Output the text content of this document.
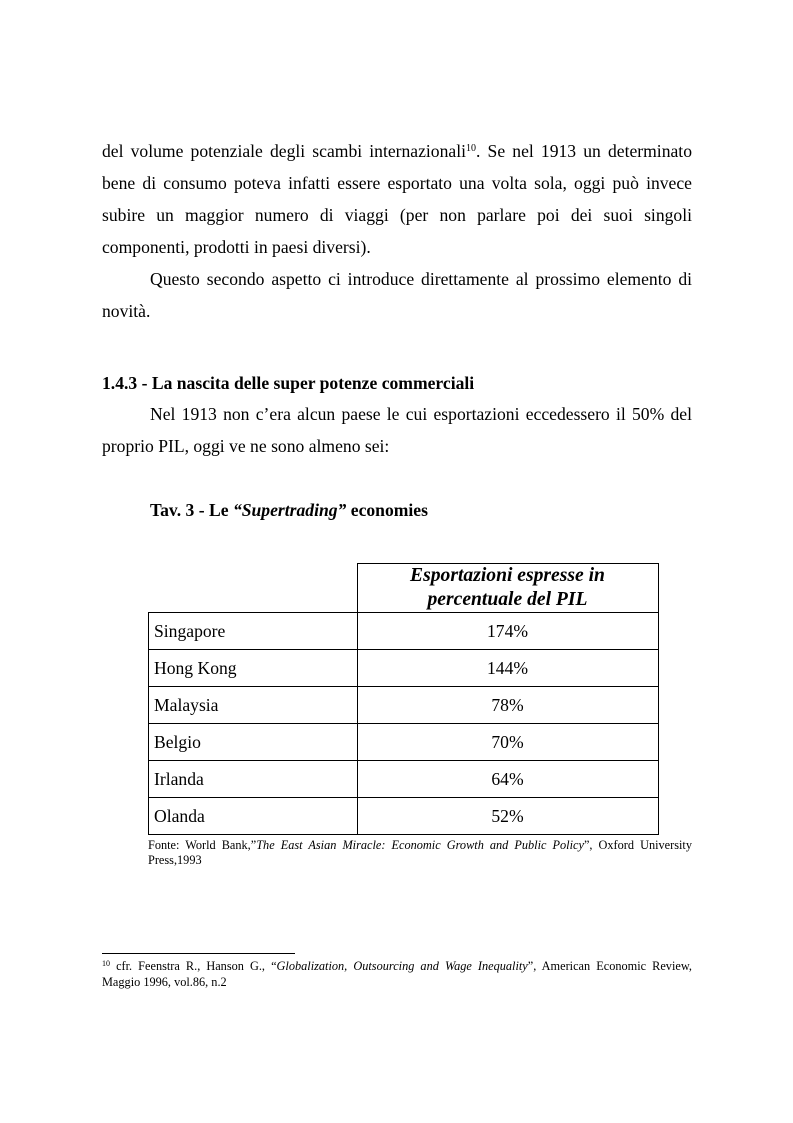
del volume potenziale degli scambi internazionali$^{10}$. Se nel 1913 un determinato bene di consumo poteva infatti essere esportato una volta sola, oggi può invece subire un maggior numero di viaggi (per non parlare poi dei suoi singoli componenti, prodotti in paesi diversi).

Questo secondo aspetto ci introduce direttamente al prossimo elemento di novità.

1.4.3 - La nascita delle super potenze commerciali

Nel 1913 non c’era alcun paese le cui esportazioni eccedessero il 50% del proprio PIL, oggi ve ne sono almeno sei:

Tav. 3 - Le “Supertrading” economies

	Esportazioni espresse in
percentuale del PIL
Singapore	174%
Hong Kong	144%
Malaysia	78%
Belgio	70%
Irlanda	64%
Olanda	52%

Fonte: World Bank,”The East Asian Miracle: Economic Growth and Public Policy”, Oxford University Press,1993

$^{10}$ cfr. Feenstra R., Hanson G., “Globalization, Outsourcing and Wage Inequality”, American Economic Review, Maggio 1996, vol.86, n.2
